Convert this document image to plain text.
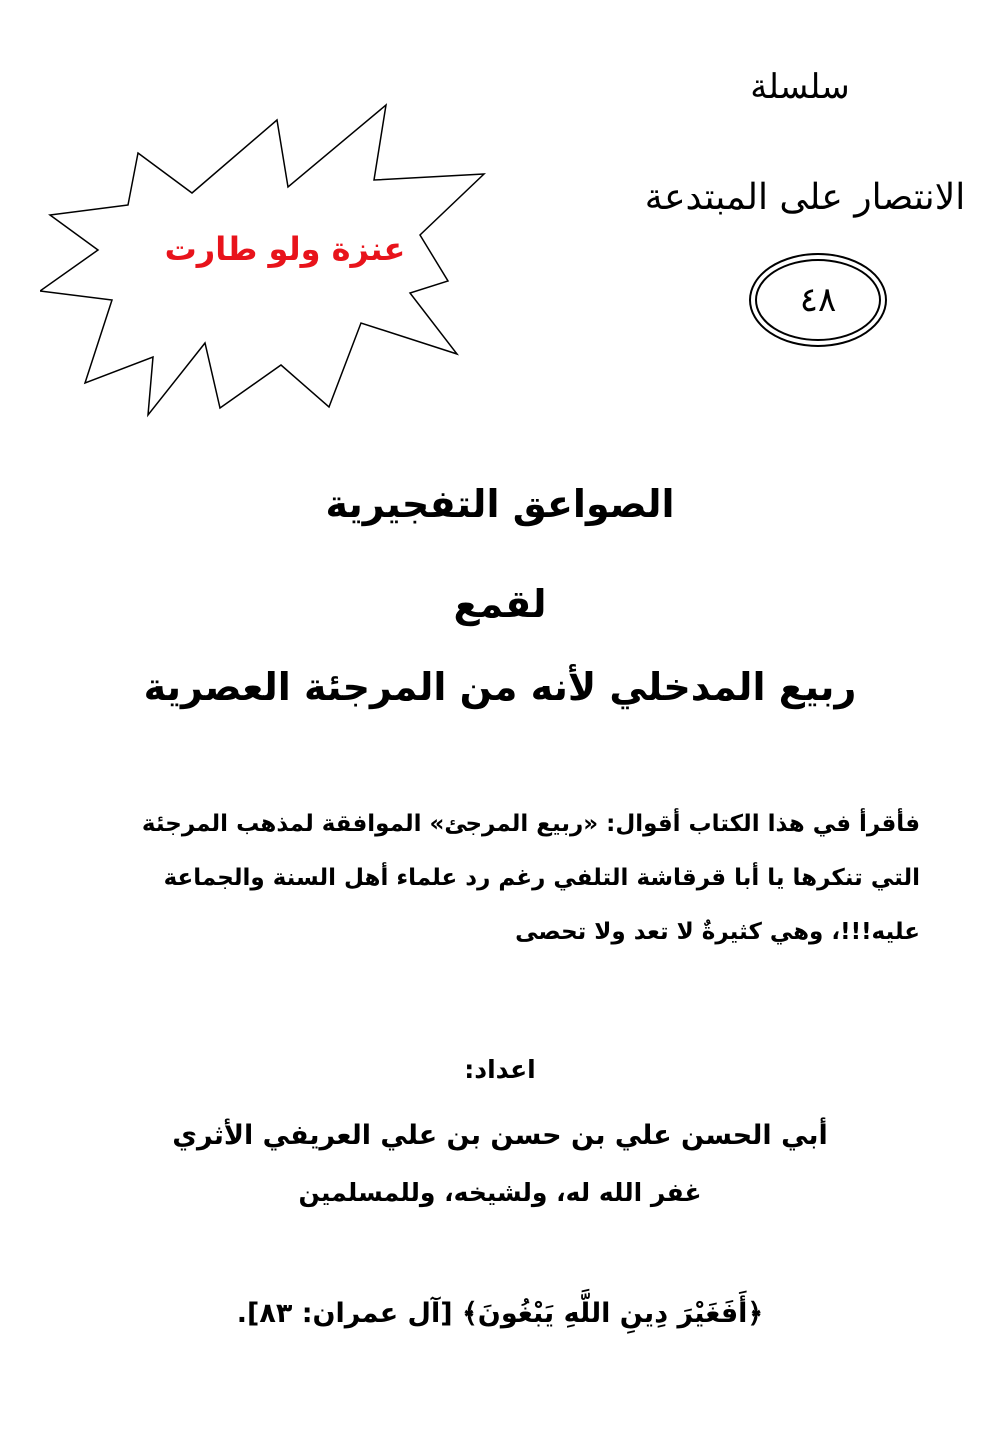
سلسلة
الانتصار على المبتدعة
٤٨
عنزة ولو طارت
الصواعق التفجيرية
لقمع
ربيع المدخلي لأنه من المرجئة العصرية
فأقرأ في هذا الكتاب أقوال: «ربيع المرجئ» الموافقة لمذهب المرجئة
التي تنكرها يا أبا قرقاشة التلفي رغم رد علماء أهل السنة والجماعة
عليه!!!، وهي كثيرةٌ لا تعد ولا تحصى
اعداد:
أبي الحسن علي بن حسن بن علي العريفي الأثري
غفر الله له، ولشيخه، وللمسلمين
﴿أَفَغَيْرَ دِينِ اللَّهِ يَبْغُونَ﴾ [آل عمران: ٨٣].
